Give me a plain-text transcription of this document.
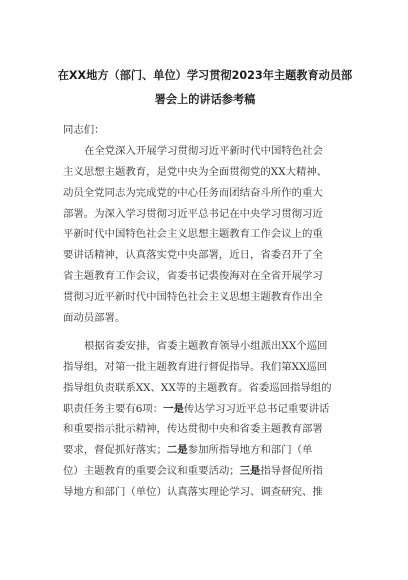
在XX地方（部门、单位）学习贯彻2023年主题教育动员部
署会上的讲话参考稿
同志们：
在全党深入开展学习贯彻习近平新时代中国特色社会
主义思想主题教育，是党中央为全面贯彻党的XX大精神、
动员全党同志为完成党的中心任务而团结奋斗所作的重大
部署。为深入学习贯彻习近平总书记在中央学习贯彻习近
平新时代中国特色社会主义思想主题教育工作会议上的重
要讲话精神，认真落实党中央部署，近日，省委召开了全
省主题教育工作会议，省委书记裘俊海对在全省开展学习
贯彻习近平新时代中国特色社会主义思想主题教育作出全
面动员部署。
根据省委安排，省委主题教育领导小组派出XX个巡回
指导组，对第一批主题教育进行督促指导。我们第XX巡回
指导组负责联系XX、XX等的主题教育。省委巡回指导组的
职责任务主要有6项：一是传达学习习近平总书记重要讲话
和重要指示批示精神，传达贯彻中央和省委主题教育部署
要求，督促抓好落实；二是参加所指导地方和部门（单
位）主题教育的重要会议和重要活动；三是指导督促所指
导地方和部门（单位）认真落实理论学习、调查研究、推
